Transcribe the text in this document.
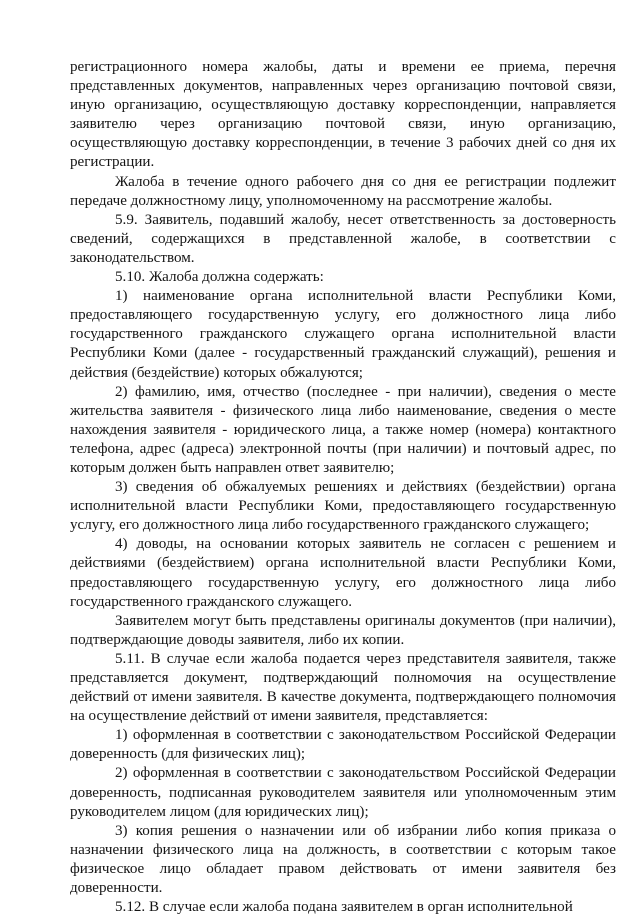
регистрационного номера жалобы, даты и времени ее приема, перечня представленных документов, направленных через организацию почтовой связи, иную организацию, осуществляющую доставку корреспонденции, направляется заявителю через организацию почтовой связи, иную организацию, осуществляющую доставку корреспонденции, в течение 3 рабочих дней со дня их регистрации.

Жалоба в течение одного рабочего дня со дня ее регистрации подлежит передаче должностному лицу, уполномоченному на рассмотрение жалобы.

5.9. Заявитель, подавший жалобу, несет ответственность за достоверность сведений, содержащихся в представленной жалобе, в соответствии с законодательством.

5.10. Жалоба должна содержать:

1) наименование органа исполнительной власти Республики Коми, предоставляющего государственную услугу, его должностного лица либо государственного гражданского служащего органа исполнительной власти Республики Коми (далее - государственный гражданский служащий), решения и действия (бездействие) которых обжалуются;

2) фамилию, имя, отчество (последнее - при наличии), сведения о месте жительства заявителя - физического лица либо наименование, сведения о месте нахождения заявителя - юридического лица, а также номер (номера) контактного телефона, адрес (адреса) электронной почты (при наличии) и почтовый адрес, по которым должен быть направлен ответ заявителю;

3) сведения об обжалуемых решениях и действиях (бездействии) органа исполнительной власти Республики Коми, предоставляющего государственную услугу, его должностного лица либо государственного гражданского служащего;

4) доводы, на основании которых заявитель не согласен с решением и действиями (бездействием) органа исполнительной власти Республики Коми, предоставляющего государственную услугу, его должностного лица либо государственного гражданского служащего.

Заявителем могут быть представлены оригиналы документов (при наличии), подтверждающие доводы заявителя, либо их копии.

5.11. В случае если жалоба подается через представителя заявителя, также представляется документ, подтверждающий полномочия на осуществление действий от имени заявителя. В качестве документа, подтверждающего полномочия на осуществление действий от имени заявителя, представляется:

1) оформленная в соответствии с законодательством Российской Федерации доверенность (для физических лиц);

2) оформленная в соответствии с законодательством Российской Федерации доверенность, подписанная руководителем заявителя или уполномоченным этим руководителем лицом (для юридических лиц);

3) копия решения о назначении или об избрании либо копия приказа о назначении физического лица на должность, в соответствии с которым такое физическое лицо обладает правом действовать от имени заявителя без доверенности.

5.12. В случае если жалоба подана заявителем в орган исполнительной
